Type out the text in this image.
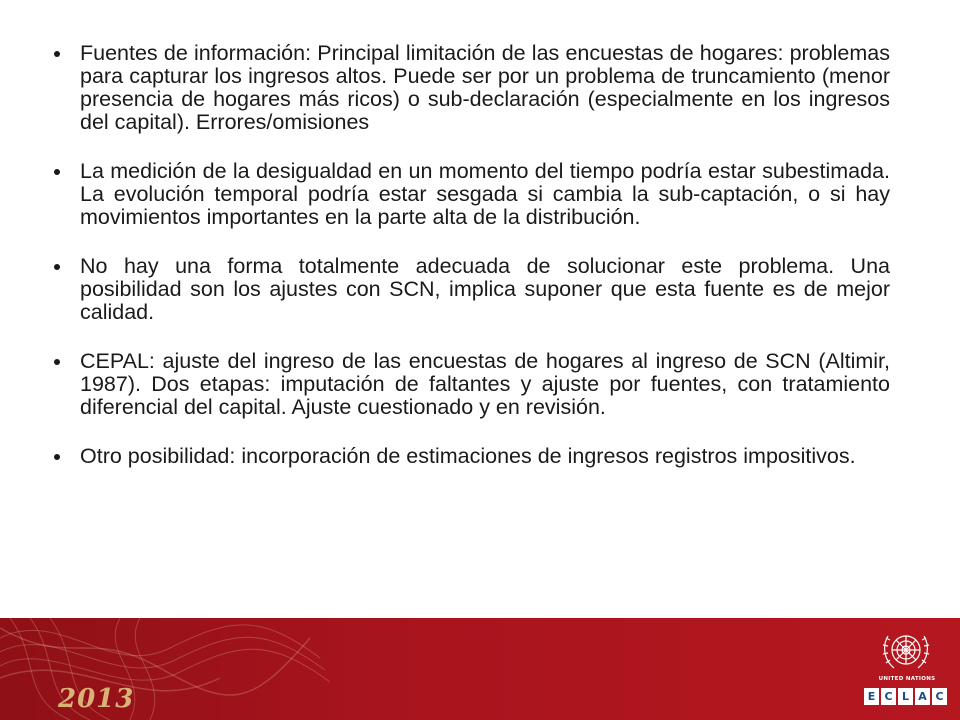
Fuentes de información: Principal limitación de las encuestas de hogares: problemas para capturar los ingresos altos. Puede ser por un problema de truncamiento (menor presencia de hogares más ricos) o sub-declaración (especialmente en los ingresos del capital). Errores/omisiones
La medición de la desigualdad en un momento del tiempo podría estar subestimada. La evolución temporal podría estar sesgada si cambia la sub-captación, o si hay movimientos importantes en la parte alta de la distribución.
No hay una forma totalmente adecuada de solucionar este problema. Una posibilidad son los ajustes con SCN, implica suponer que esta fuente es de mejor calidad.
CEPAL: ajuste del ingreso de las encuestas de hogares al ingreso de SCN (Altimir, 1987). Dos etapas: imputación de faltantes y ajuste por fuentes, con tratamiento diferencial del capital. Ajuste cuestionado y en revisión.
Otro posibilidad: incorporación de estimaciones de ingresos registros impositivos.
2013
UNITED NATIONS
E C L A C
